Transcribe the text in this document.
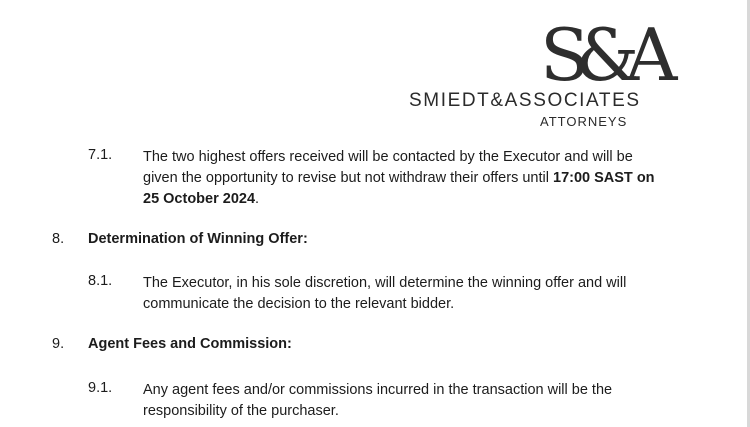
S&A
SMIEDT&ASSOCIATES
ATTORNEYS
7.1. The two highest offers received will be contacted by the Executor and will be given the opportunity to revise but not withdraw their offers until 17:00 SAST on 25 October 2024.
8. Determination of Winning Offer:
8.1. The Executor, in his sole discretion, will determine the winning offer and will communicate the decision to the relevant bidder.
9. Agent Fees and Commission:
9.1. Any agent fees and/or commissions incurred in the transaction will be the responsibility of the purchaser.
